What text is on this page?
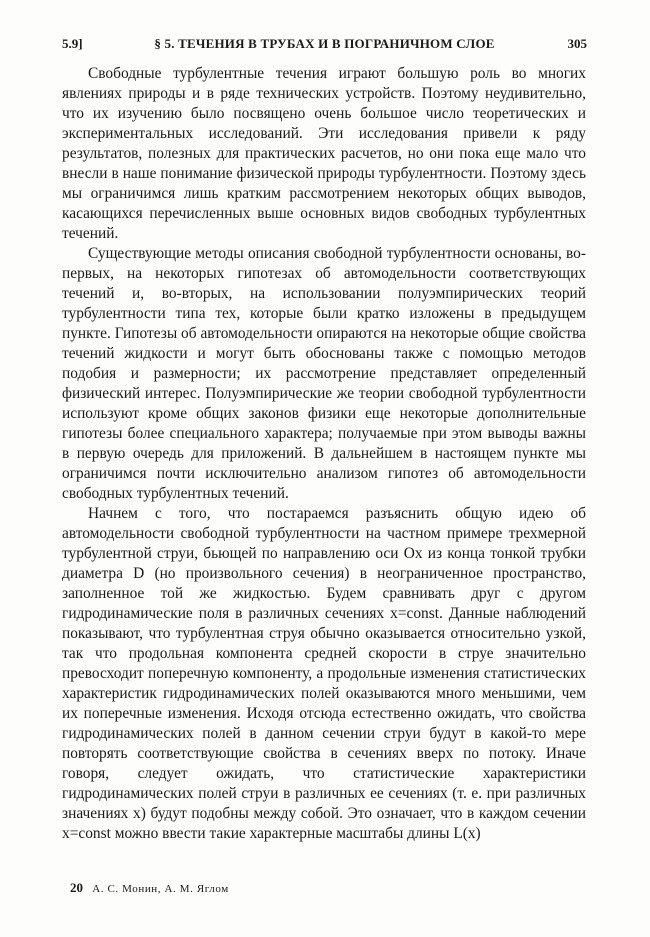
5.9]	§ 5. ТЕЧЕНИЯ В ТРУБАХ И В ПОГРАНИЧНОМ СЛОЕ	305

Свободные турбулентные течения играют большую роль во многих явлениях природы и в ряде технических устройств. Поэтому неудивительно, что их изучению было посвящено очень большое число теоретических и экспериментальных исследований. Эти исследования привели к ряду результатов, полезных для практических расчетов, но они пока еще мало что внесли в наше понимание физической природы турбулентности. Поэтому здесь мы ограничимся лишь кратким рассмотрением некоторых общих выводов, касающихся перечисленных выше основных видов свободных турбулентных течений.

Существующие методы описания свободной турбулентности основаны, во-первых, на некоторых гипотезах об автомодельности соответствующих течений и, во-вторых, на использовании полуэмпирических теорий турбулентности типа тех, которые были кратко изложены в предыдущем пункте. Гипотезы об автомодельности опираются на некоторые общие свойства течений жидкости и могут быть обоснованы также с помощью методов подобия и размерности; их рассмотрение представляет определенный физический интерес. Полуэмпирические же теории свободной турбулентности используют кроме общих законов физики еще некоторые дополнительные гипотезы более специального характера; получаемые при этом выводы важны в первую очередь для приложений. В дальнейшем в настоящем пункте мы ограничимся почти исключительно анализом гипотез об автомодельности свободных турбулентных течений.

Начнем с того, что постараемся разъяснить общую идею об автомодельности свободной турбулентности на частном примере трехмерной турбулентной струи, бьющей по направлению оси Ox из конца тонкой трубки диаметра D (но произвольного сечения) в неограниченное пространство, заполненное той же жидкостью. Будем сравнивать друг с другом гидродинамические поля в различных сечениях x=const. Данные наблюдений показывают, что турбулентная струя обычно оказывается относительно узкой, так что продольная компонента средней скорости в струе значительно превосходит поперечную компоненту, а продольные изменения статистических характеристик гидродинамических полей оказываются много меньшими, чем их поперечные изменения. Исходя отсюда естественно ожидать, что свойства гидродинамических полей в данном сечении струи будут в какой-то мере повторять соответствующие свойства в сечениях вверх по потоку. Иначе говоря, следует ожидать, что статистические характеристики гидродинамических полей струи в различных ее сечениях (т. е. при различных значениях x) будут подобны между собой. Это означает, что в каждом сечении x=const можно ввести такие характерные масштабы длины L(x)

20 А. С. Монин, А. М. Яглом
